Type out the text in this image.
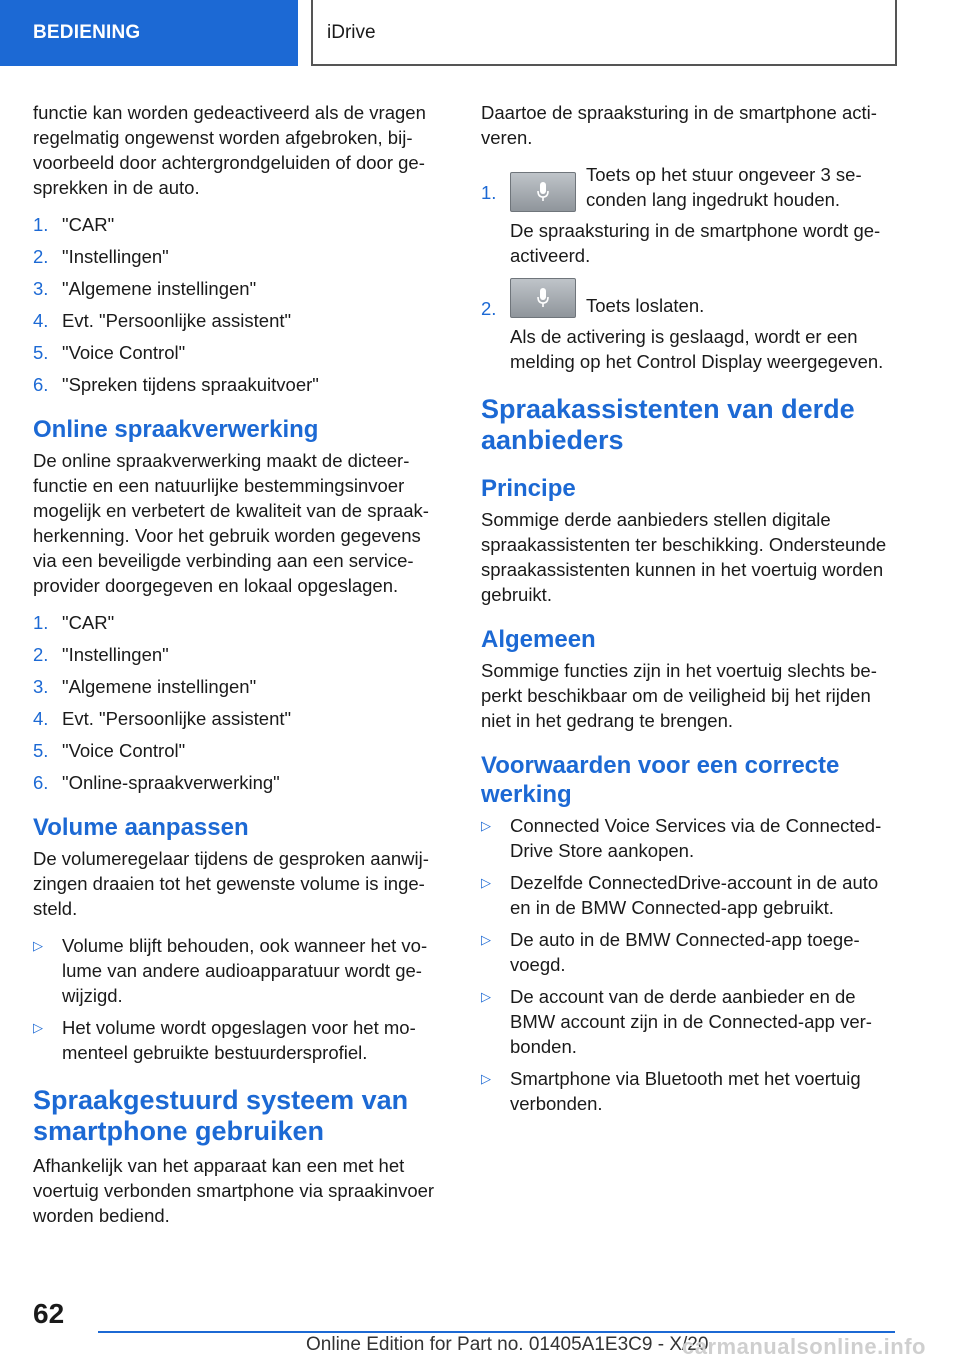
BEDIENING	iDrive

functie kan worden gedeactiveerd als de vragen regelmatig ongewenst worden afgebroken, bijvoorbeeld door achtergrondgeluiden of door gesprekken in de auto.

1. "CAR"
2. "Instellingen"
3. "Algemene instellingen"
4. Evt. "Persoonlijke assistent"
5. "Voice Control"
6. "Spreken tijdens spraakuitvoer"
Online spraakverwerking

De online spraakverwerking maakt de dicteerfunctie en een natuurlijke bestemmingsinvoer mogelijk en verbetert de kwaliteit van de spraakherkenning. Voor het gebruik worden gegevens via een beveiligde verbinding aan een serviceprovider doorgegeven en lokaal opgeslagen.

1. "CAR"
2. "Instellingen"
3. "Algemene instellingen"
4. Evt. "Persoonlijke assistent"
5. "Voice Control"
6. "Online-spraakverwerking"
Volume aanpassen

De volumeregelaar tijdens de gesproken aanwijzingen draaien tot het gewenste volume is ingesteld.

▷	Volume blijft behouden, ook wanneer het volume van andere audioapparatuur wordt gewijzigd.
▷	Het volume wordt opgeslagen voor het momenteel gebruikte bestuurdersprofiel.
Spraakgestuurd systeem van smartphone gebruiken

Afhankelijk van het apparaat kan een met het voertuig verbonden smartphone via spraakinvoer worden bediend.

Daartoe de spraaksturing in de smartphone activeren.

1.
Toets op het stuur ongeveer 3 seconden lang ingedrukt houden.
De spraaksturing in de smartphone wordt geactiveerd.
2.	Toets loslaten.
Als de activering is geslaagd, wordt er een melding op het Control Display weergegeven.
Spraakassistenten van derde aanbieders
Principe

Sommige derde aanbieders stellen digitale spraakassistenten ter beschikking. Ondersteunde spraakassistenten kunnen in het voertuig worden gebruikt.

Algemeen

Sommige functies zijn in het voertuig slechts beperkt beschikbaar om de veiligheid bij het rijden niet in het gedrang te brengen.

Voorwaarden voor een correcte werking
▷	Connected Voice Services via de ConnectedDrive Store aankopen.
▷	Dezelfde ConnectedDrive-account in de auto en in de BMW Connected-app gebruikt.
▷	De auto in de BMW Connected-app toegevoegd.
▷	De account van de derde aanbieder en de BMW account zijn in de Connected-app verbonden.
▷	Smartphone via Bluetooth met het voertuig verbonden.
62
Online Edition for Part no. 01405A1E3C9 - X/20
carmanualsonline.info
